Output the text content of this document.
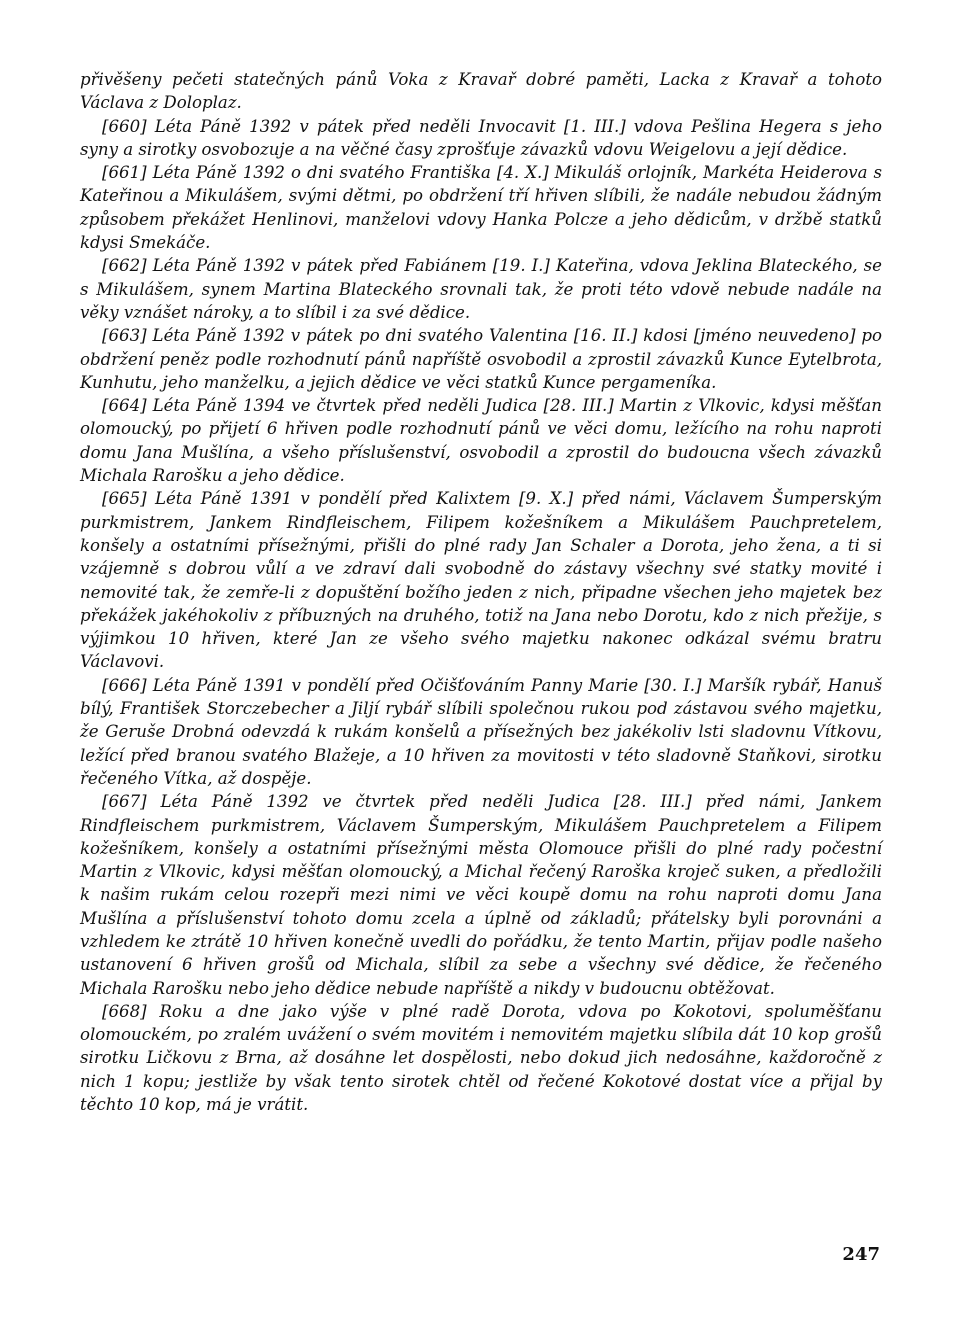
přivěšeny pečeti statečných pánů Voka z Kravař dobré paměti, Lacka z Kravař a tohoto Václava z Doloplaz.

[660] Léta Páně 1392 v pátek před neděli Invocavit [1. III.] vdova Pešlina Hegera s jeho syny a sirotky osvobozuje a na věčné časy zprošťuje závazků vdovu Weigelovu a její dědice.

[661] Léta Páně 1392 o dni svatého Františka [4. X.] Mikuláš orlojník, Markéta Heiderova s Kateřinou a Mikulášem, svými dětmi, po obdržení tří hřiven slíbili, že nadále nebudou žádným způsobem překážet Henlinovi, manželovi vdovy Hanka Polcze a jeho dědicům, v držbě statků kdysi Smekáče.

[662] Léta Páně 1392 v pátek před Fabiánem [19. I.] Kateřina, vdova Jeklina Blateckého, se s Mikulášem, synem Martina Blateckého srovnali tak, že proti této vdově nebude nadále na věky vznášet nároky, a to slíbil i za své dědice.

[663] Léta Páně 1392 v pátek po dni svatého Valentina [16. II.] kdosi [jméno neuvedeno] po obdržení peněz podle rozhodnutí pánů napříště osvobodil a zprostil závazků Kunce Eytelbrota, Kunhutu, jeho manželku, a jejich dědice ve věci statků Kunce pergameníka.

[664] Léta Páně 1394 ve čtvrtek před neděli Judica [28. III.] Martin z Vlkovic, kdysi měšťan olomoucký, po přijetí 6 hřiven podle rozhodnutí pánů ve věci domu, ležícího na rohu naproti domu Jana Mušlína, a všeho příslušenství, osvobodil a zprostil do budoucna všech závazků Michala Rarošku a jeho dědice.

[665] Léta Páně 1391 v pondělí před Kalixtem [9. X.] před námi, Václavem Šumperským purkmistrem, Jankem Rindfleischem, Filipem kožešníkem a Mikulášem Pauchpretelem, konšely a ostatními přísežnými, přišli do plné rady Jan Schaler a Dorota, jeho žena, a ti si vzájemně s dobrou vůlí a ve zdraví dali svobodně do zástavy všechny své statky movité i nemovité tak, že zemře-li z dopuštění božího jeden z nich, připadne všechen jeho majetek bez překážek jakéhokoliv z příbuzných na druhého, totiž na Jana nebo Dorotu, kdo z nich přežije, s výjimkou 10 hřiven, které Jan ze všeho svého majetku nakonec odkázal svému bratru Václavovi.

[666] Léta Páně 1391 v pondělí před Očišťováním Panny Marie [30. I.] Maršík rybář, Hanuš bílý, František Storczebecher a Jiljí rybář slíbili společnou rukou pod zástavou svého majetku, že Geruše Drobná odevzdá k rukám konšelů a přísežných bez jakékoliv lsti sladovnu Vítkovu, ležící před branou svatého Blažeje, a 10 hřiven za movitosti v této sladovně Staňkovi, sirotku řečeného Vítka, až dospěje.

[667] Léta Páně 1392 ve čtvrtek před neděli Judica [28. III.] před námi, Jankem Rindfleischem purkmistrem, Václavem Šumperským, Mikulášem Pauchpretelem a Filipem kožešníkem, konšely a ostatními přísežnými města Olomouce přišli do plné rady počestní Martin z Vlkovic, kdysi měšťan olomoucký, a Michal řečený Raroška kroječ suken, a předložili k našim rukám celou rozepři mezi nimi ve věci koupě domu na rohu naproti domu Jana Mušlína a příslušenství tohoto domu zcela a úplně od základů; přátelsky byli porovnáni a vzhledem ke ztrátě 10 hřiven konečně uvedli do pořádku, že tento Martin, přijav podle našeho ustanovení 6 hřiven grošů od Michala, slíbil za sebe a všechny své dědice, že řečeného Michala Rarošku nebo jeho dědice nebude napříště a nikdy v budoucnu obtěžovat.

[668] Roku a dne jako výše v plné radě Dorota, vdova po Kokotovi, spoluměšťanu olomouckém, po zralém uvážení o svém movitém i nemovitém majetku slíbila dát 10 kop grošů sirotku Ličkovu z Brna, až dosáhne let dospělosti, nebo dokud jich nedosáhne, každoročně z nich 1 kopu; jestliže by však tento sirotek chtěl od řečené Kokotové dostat více a přijal by těchto 10 kop, má je vrátit.

247
